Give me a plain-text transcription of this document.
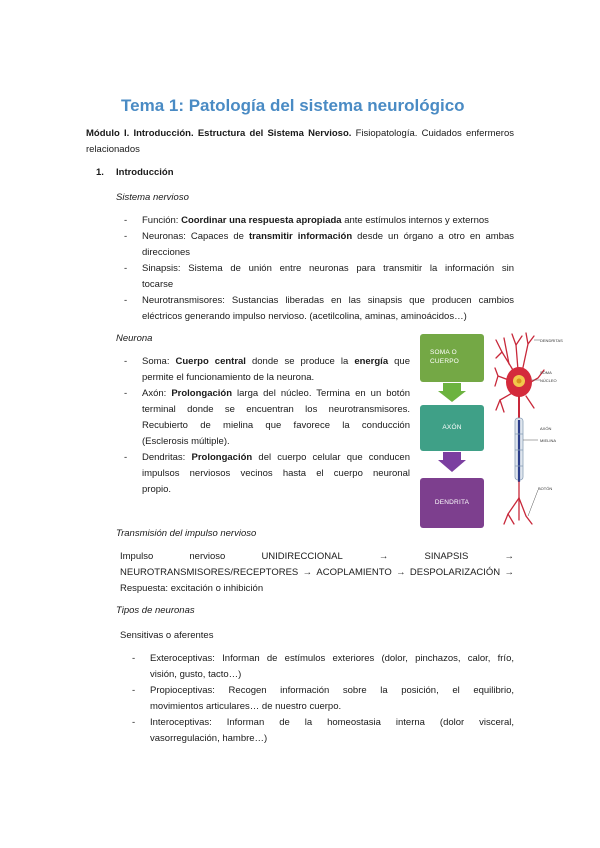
Tema 1: Patología del sistema neurológico
Módulo I. Introducción. Estructura del Sistema Nervioso. Fisiopatología. Cuidados enfermeros
relacionados
1. Introducción
Sistema nervioso
- Función: Coordinar una respuesta apropiada ante estímulos internos y externos
- Neuronas: Capaces de transmitir información desde un órgano a otro en ambas
direcciones
- Sinapsis: Sistema de unión entre neuronas para transmitir la información sin
tocarse
- Neurotransmisores: Sustancias liberadas en las sinapsis que producen cambios
eléctricos generando impulso nervioso. (acetilcolina, aminas, aminoácidos…)
Neurona
- Soma: Cuerpo central donde se produce la energía que
permite el funcionamiento de la neurona.
- Axón: Prolongación larga del núcleo. Termina en un botón
terminal donde se encuentran los neurotransmisores.
Recubierto de mielina que favorece la conducción
(Esclerosis múltiple).
- Dendritas: Prolongación del cuerpo celular que conducen
impulsos nerviosos vecinos hasta el cuerpo neuronal
propio.
SOMA O CUERPO
AXÓN
DENDRITA
DENDRITAS
SOMA
NÚCLEO
AXÓN
MIELINA
BOTÓN
Transmisión del impulso nervioso
Impulso	nervioso	UNIDIRECCIONAL	→	SINAPSIS	→
NEUROTRANSMISORES/RECEPTORES → ACOPLAMIENTO → DESPOLARIZACIÓN →
Respuesta: excitación o inhibición
Tipos de neuronas
Sensitivas o aferentes
- Exteroceptivas: Informan de estímulos exteriores (dolor, pinchazos, calor, frío,
visión, gusto, tacto…)
- Propioceptivas: Recogen información sobre la posición, el equilibrio,
movimientos articulares… de nuestro cuerpo.
- Interoceptivas: Informan de la homeostasia interna (dolor visceral,
vasorregulación, hambre…)
